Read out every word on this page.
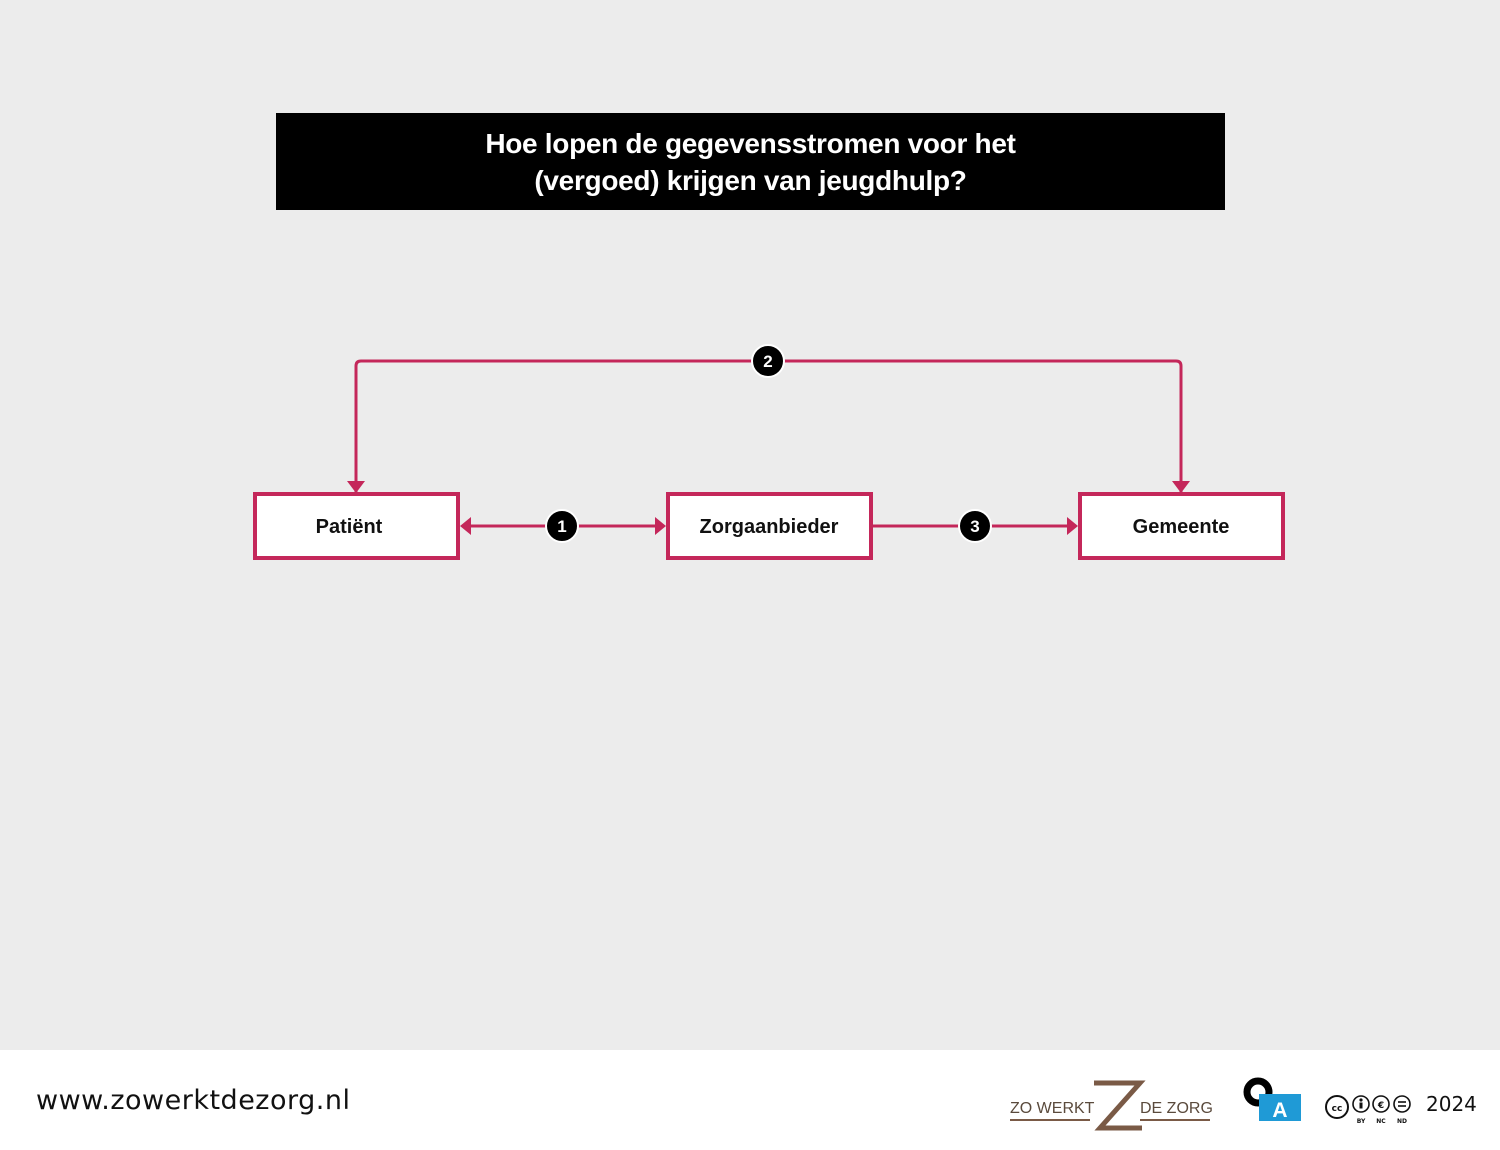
Hoe lopen de gegevensstromen voor het
(vergoed) krijgen van jeugdhulp?
Patiënt	Zorgaanbieder	Gemeente
2
1	3
www.zowerktdezorg.nl	ZO WERKT	DE ZORG	A	cc	€
BY NC ND
2024
